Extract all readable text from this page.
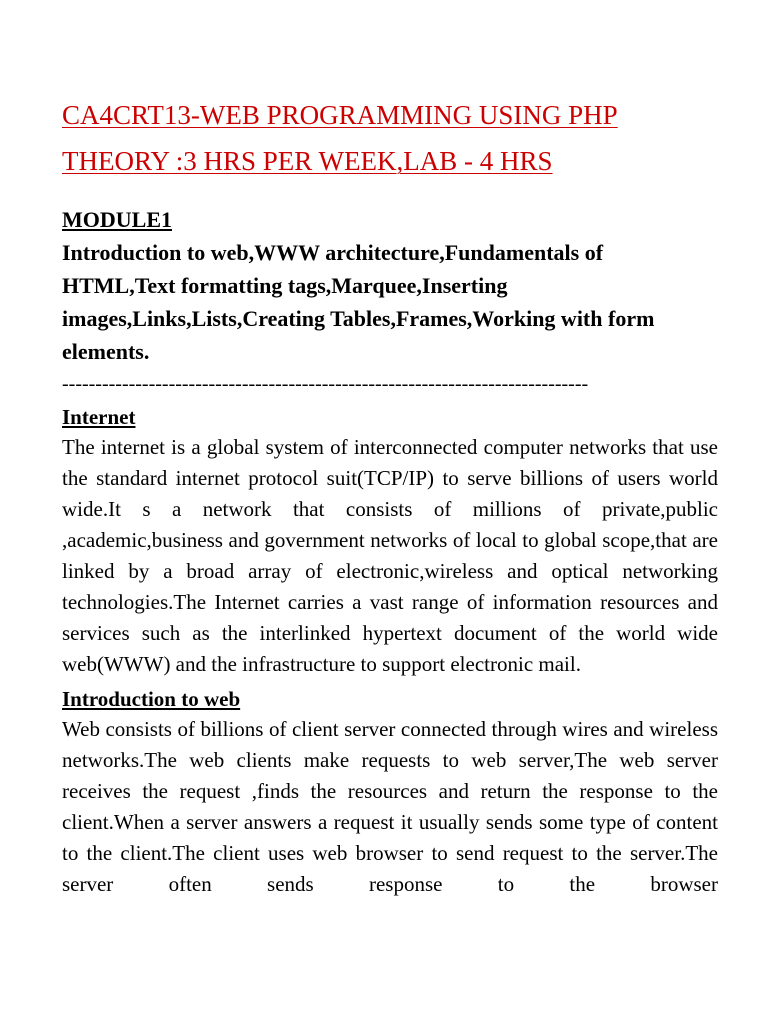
CA4CRT13-WEB PROGRAMMING USING PHP
THEORY :3 HRS PER WEEK,LAB - 4 HRS
MODULE1

Introduction to web,WWW architecture,Fundamentals of HTML,Text formatting tags,Marquee,Inserting images,Links,Lists,Creating Tables,Frames,Working with form elements.

-------------------------------------------------------------------------------
Internet

The internet is a global system of interconnected computer networks that use the standard internet protocol suit(TCP/IP) to serve billions of users world wide.It s a network that consists of millions of private,public ,academic,business and government networks of local to global scope,that are linked by a broad array of electronic,wireless and optical networking technologies.The Internet carries a vast range of information resources and services such as the interlinked hypertext document of the world wide web(WWW) and the infrastructure to support electronic mail.

Introduction to web

Web consists of billions of client server connected through wires and wireless networks.The web clients make requests to web server,The web server receives the request ,finds the resources and return the response to the client.When a server answers a request it usually sends some type of content to the client.The client uses web browser to send request to the server.The server often sends response to the browser
